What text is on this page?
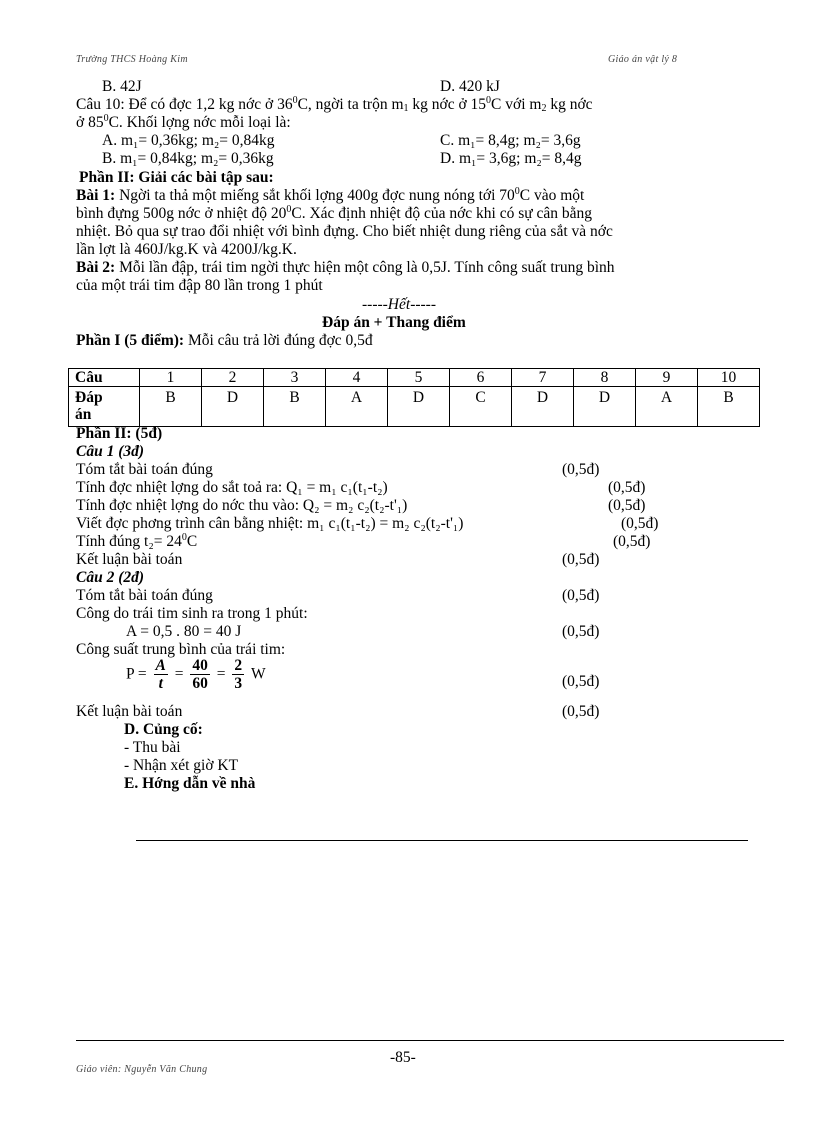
Trường THCS Hoàng Kim	Giáo án vật lý 8
B. 42J	D. 420 kJ
Câu 10: Để có đợc 1,2 kg nớc ở $36^0C$, ngời ta trộn $m_1$ kg nớc ở $15^0C$ với $m_2$ kg nớc
ở $85^0C$. Khối lợng nớc mỗi loại là:
A. m₁= 0,36kg; m₂= 0,84kg	C. m₁= 8,4g; m₂= 3,6g
B. m₁= 0,84kg; m₂= 0,36kg	D. m₁= 3,6g; m₂= 8,4g
Phần II: Giải các bài tập sau:
Bài 1: Ngời ta thả một miếng sắt khối lợng 400g đợc nung nóng tới $70^0C$ vào một
bình đựng 500g nớc ở nhiệt độ $20^0C$. Xác định nhiệt độ của nớc khi có sự cân bằng
nhiệt. Bỏ qua sự trao đổi nhiệt với bình đựng. Cho biết nhiệt dung riêng của sắt và nớc
lần lợt là 460J/kg.K và 4200J/kg.K.
Bài 2: Mỗi lần đập, trái tim ngời thực hiện một công là 0,5J. Tính công suất trung bình
của một trái tim đập 80 lần trong 1 phút
-----Hết-----
Đáp án + Thang điểm
Phần I (5 điểm): Mỗi câu trả lời đúng đợc 0,5đ
Câu	1	2	3	4	5	6	7	8	9	10
Đáp
án	B	D	B	A	D	C	D	D	A	B
Phần II: (5đ)
Câu 1 (3đ)
Tóm tắt bài toán đúng	(0,5đ)
Tính đợc nhiệt lợng do sắt toả ra: Q₁ = m₁ c₁(t₁-t₂)	(0,5đ)
Tính đợc nhiệt lợng do nớc thu vào: Q₂ = m₂ c₂(t₂-t'₁)	(0,5đ)
Viết đợc phơng trình cân bằng nhiệt: m₁ c₁(t₁-t₂) = m₂ c₂(t₂-t'₁)	(0,5đ)
Tính đúng $t_2= 24^0C$	(0,5đ)
Kết luận bài toán	(0,5đ)
Câu 2 (2đ)
Tóm tắt bài toán đúng	(0,5đ)
Công do trái tim sinh ra trong 1 phút:
A = 0,5 . 80 = 40 J	(0,5đ)
Công suất trung bình của trái tim:
$P = \frac{A}{t} = \frac{40}{60} = \frac{2}{3}$ W	(0,5đ)
Kết luận bài toán	(0,5đ)
D. Củng cố:
- Thu bài
- Nhận xét giờ KT
E. Hớng dẫn về nhà
-85-
Giáo viên: Nguyễn Văn Chung
